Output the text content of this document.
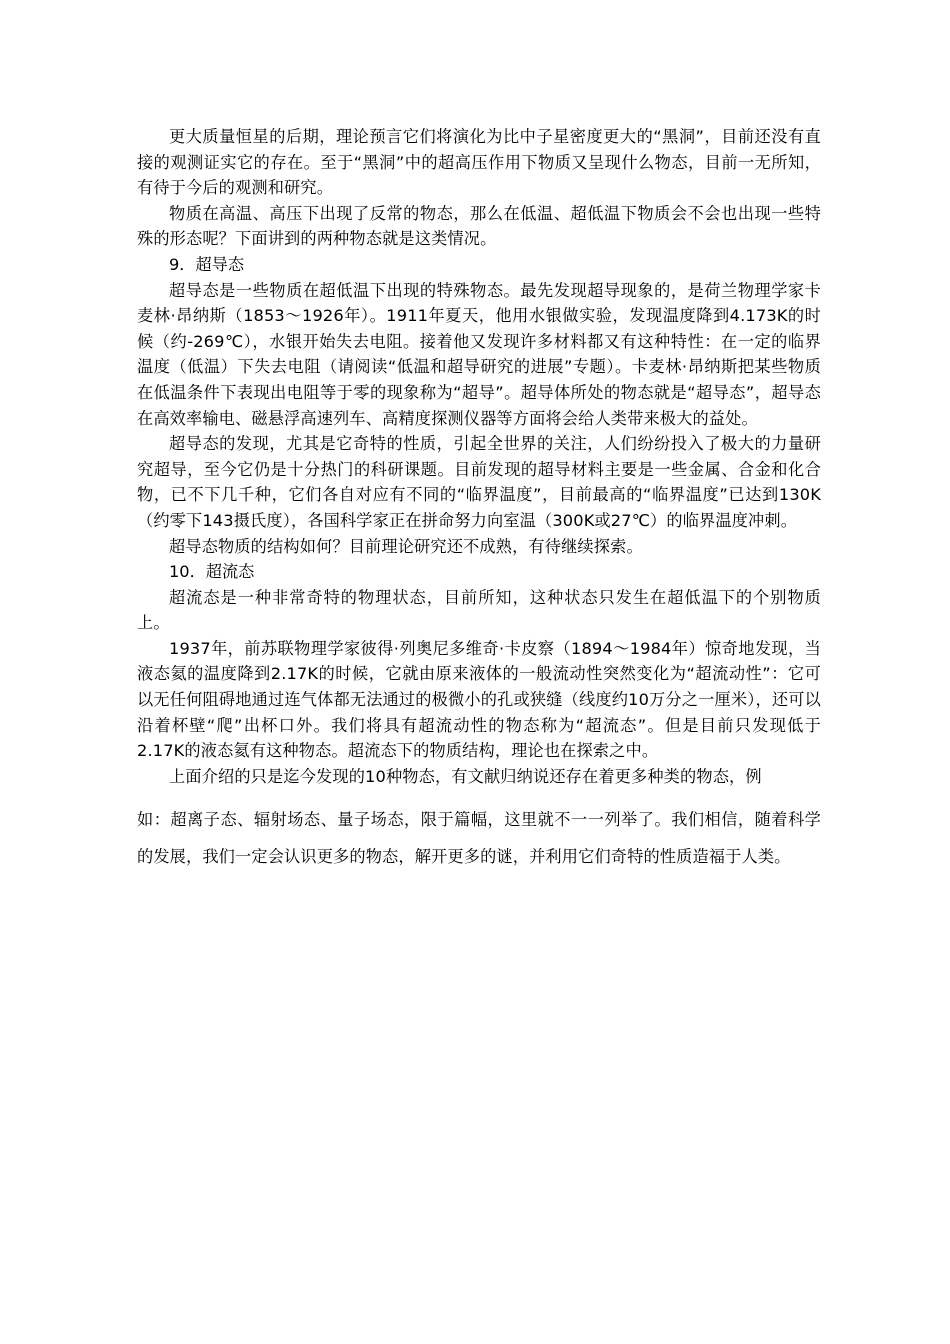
更大质量恒星的后期，理论预言它们将演化为比中子星密度更大的“黑洞”，目前还没有直接的观测证实它的存在。至于“黑洞”中的超高压作用下物质又呈现什么物态，目前一无所知，有待于今后的观测和研究。

物质在高温、高压下出现了反常的物态，那么在低温、超低温下物质会不会也出现一些特殊的形态呢？下面讲到的两种物态就是这类情况。

9．超导态

超导态是一些物质在超低温下出现的特殊物态。最先发现超导现象的，是荷兰物理学家卡麦林·昂纳斯（1853～1926年）。1911年夏天，他用水银做实验，发现温度降到4.173K的时候（约-269℃），水银开始失去电阻。接着他又发现许多材料都又有这种特性：在一定的临界温度（低温）下失去电阻（请阅读“低温和超导研究的进展”专题）。卡麦林·昂纳斯把某些物质在低温条件下表现出电阻等于零的现象称为“超导”。超导体所处的物态就是“超导态”，超导态在高效率输电、磁悬浮高速列车、高精度探测仪器等方面将会给人类带来极大的益处。

超导态的发现，尤其是它奇特的性质，引起全世界的关注，人们纷纷投入了极大的力量研究超导，至今它仍是十分热门的科研课题。目前发现的超导材料主要是一些金属、合金和化合物，已不下几千种，它们各自对应有不同的“临界温度”，目前最高的“临界温度”已达到130K（约零下143摄氏度），各国科学家正在拼命努力向室温（300K或27℃）的临界温度冲刺。

超导态物质的结构如何？目前理论研究还不成熟，有待继续探索。

10．超流态

超流态是一种非常奇特的物理状态，目前所知，这种状态只发生在超低温下的个别物质上。

1937年，前苏联物理学家彼得·列奥尼多维奇·卡皮察（1894～1984年）惊奇地发现，当液态氦的温度降到2.17K的时候，它就由原来液体的一般流动性突然变化为“超流动性”：它可以无任何阻碍地通过连气体都无法通过的极微小的孔或狭缝（线度约10万分之一厘米），还可以沿着杯壁“爬”出杯口外。我们将具有超流动性的物态称为“超流态”。但是目前只发现低于2.17K的液态氦有这种物态。超流态下的物质结构，理论也在探索之中。

上面介绍的只是迄今发现的10种物态，有文献归纳说还存在着更多种类的物态，例

如：超离子态、辐射场态、量子场态，限于篇幅，这里就不一一列举了。我们相信，随着科学的发展，我们一定会认识更多的物态，解开更多的谜，并利用它们奇特的性质造福于人类。
